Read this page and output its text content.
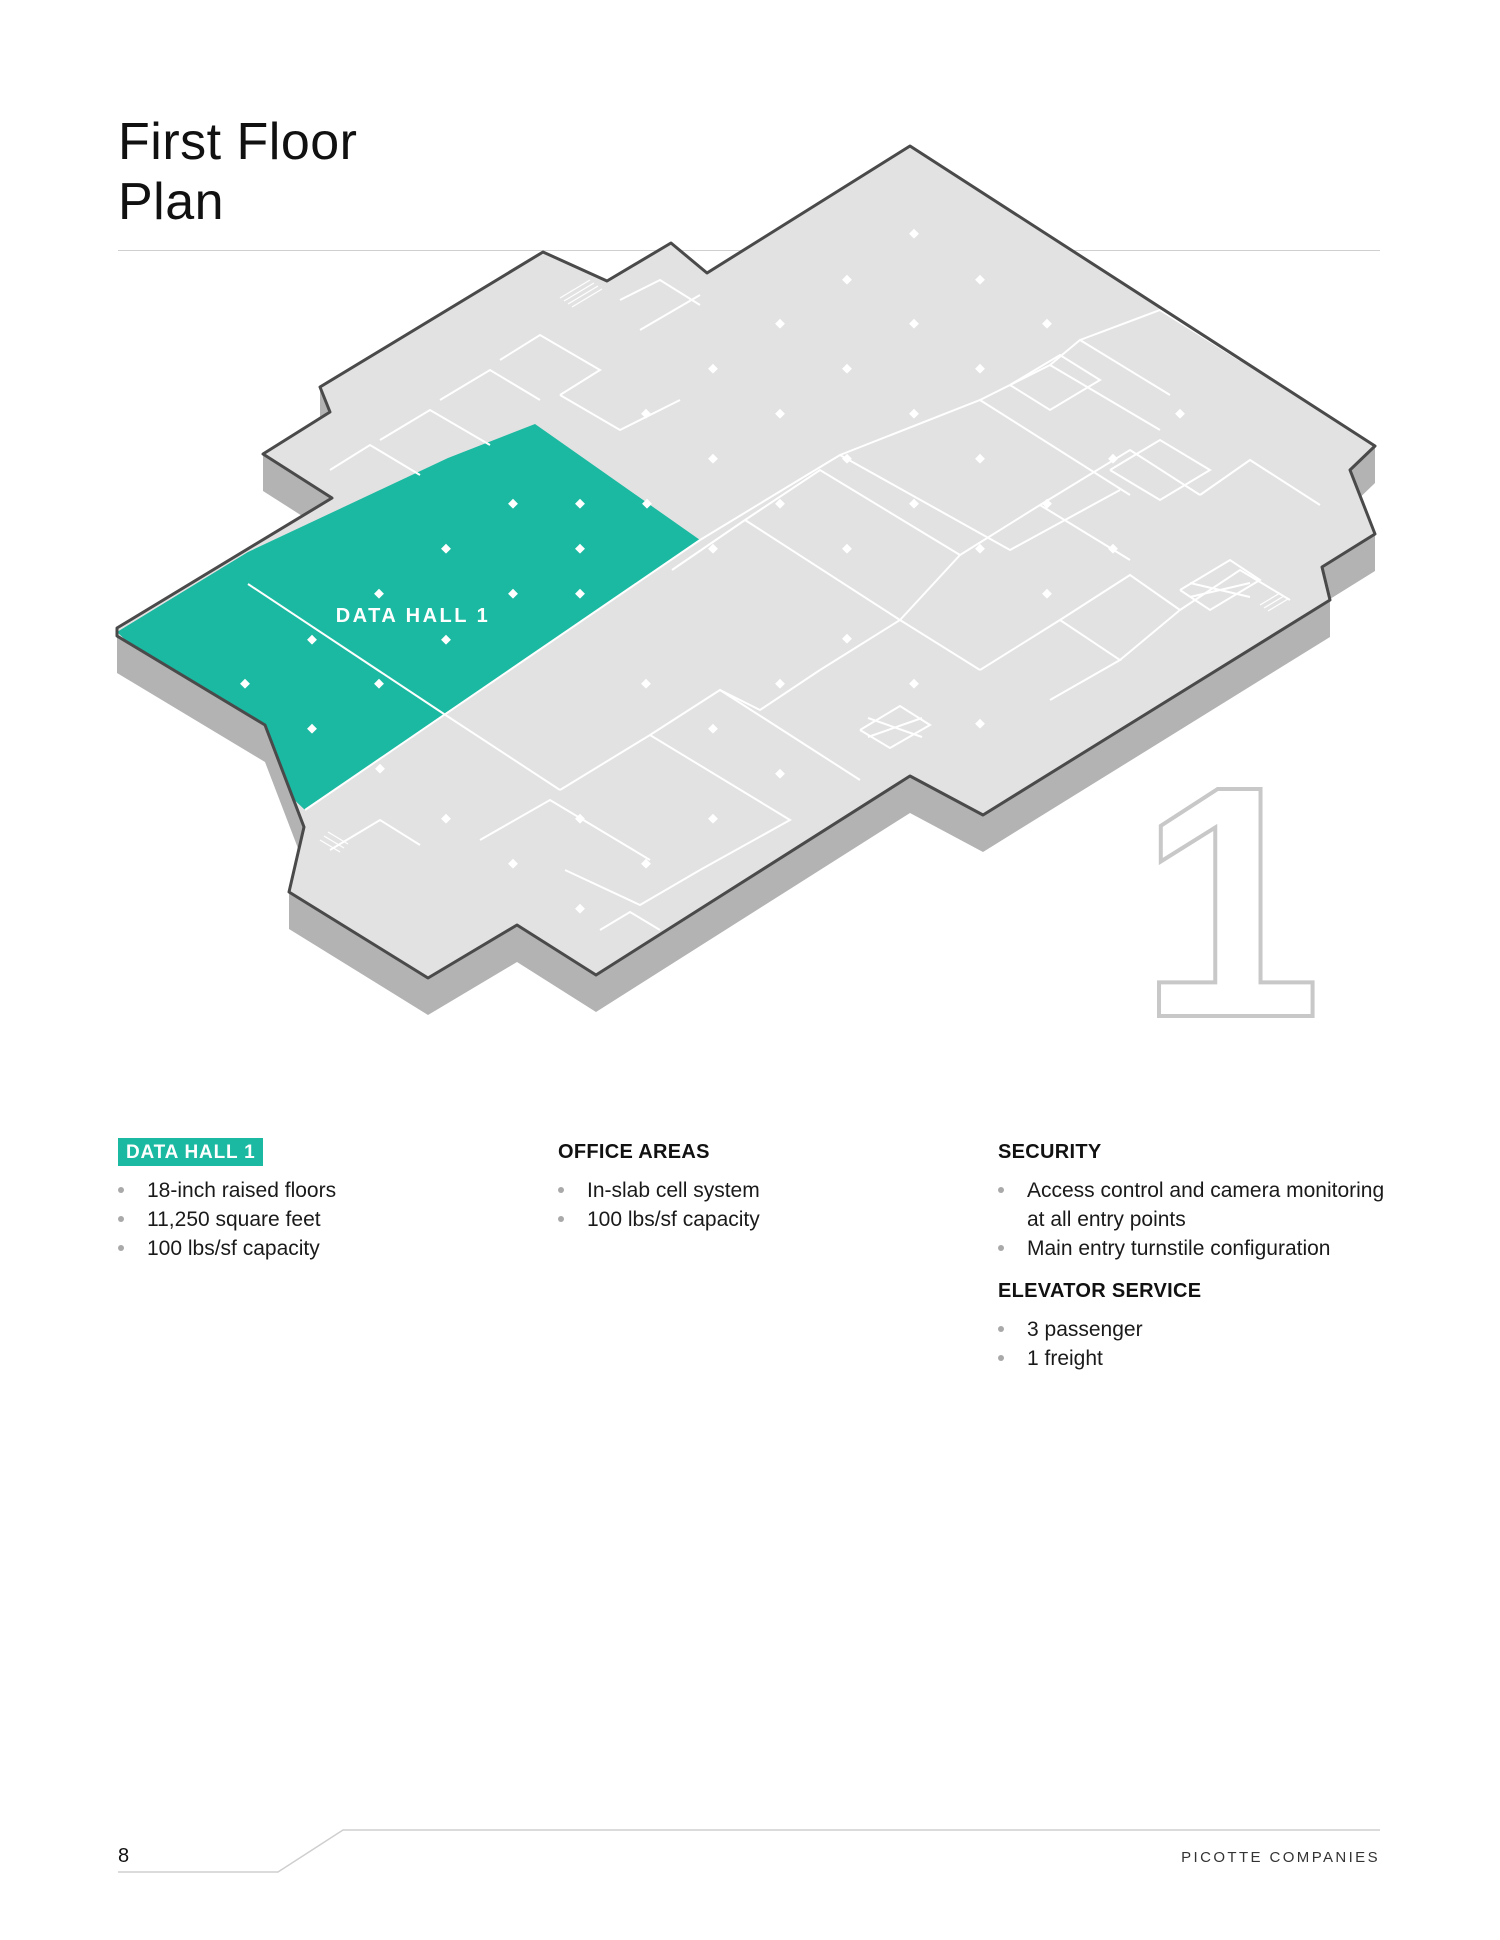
First Floor
Plan
DATA HALL 1
1
DATA HALL 1
18-inch raised floors
11,250 square feet
100 lbs/sf capacity
OFFICE AREAS
In-slab cell system
100 lbs/sf capacity
SECURITY
Access control and camera monitoring at all entry points
Main entry turnstile configuration
ELEVATOR SERVICE
3 passenger
1 freight
8	PICOTTE COMPANIES
